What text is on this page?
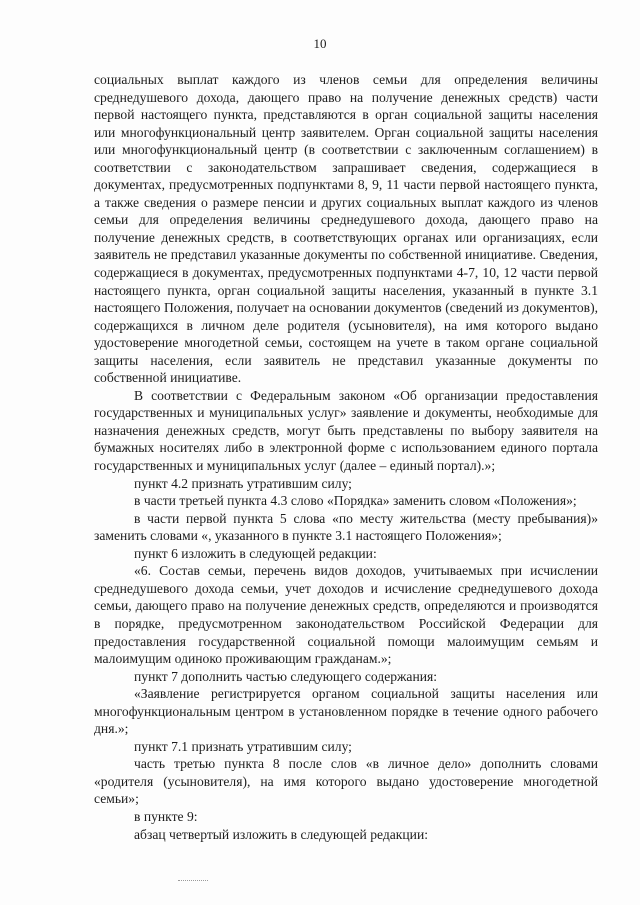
10

социальных выплат каждого из членов семьи для определения величины среднедушевого дохода, дающего право на получение денежных средств) части первой настоящего пункта, представляются в орган социальной защиты населения или многофункциональный центр заявителем. Орган социальной защиты населения или многофункциональный центр (в соответствии с заключенным соглашением) в соответствии с законодательством запрашивает сведения, содержащиеся в документах, предусмотренных подпунктами 8, 9, 11 части первой настоящего пункта, а также сведения о размере пенсии и других социальных выплат каждого из членов семьи для определения величины среднедушевого дохода, дающего право на получение денежных средств, в соответствующих органах или организациях, если заявитель не представил указанные документы по собственной инициативе. Сведения, содержащиеся в документах, предусмотренных подпунктами 4-7, 10, 12 части первой настоящего пункта, орган социальной защиты населения, указанный в пункте 3.1 настоящего Положения, получает на основании документов (сведений из документов), содержащихся в личном деле родителя (усыновителя), на имя которого выдано удостоверение многодетной семьи, состоящем на учете в таком органе социальной защиты населения, если заявитель не представил указанные документы по собственной инициативе.

В соответствии с Федеральным законом «Об организации предоставления государственных и муниципальных услуг» заявление и документы, необходимые для назначения денежных средств, могут быть представлены по выбору заявителя на бумажных носителях либо в электронной форме с использованием единого портала государственных и муниципальных услуг (далее – единый портал).»;

пункт 4.2 признать утратившим силу;

в части третьей пункта 4.3 слово «Порядка» заменить словом «Положения»;

в части первой пункта 5 слова «по месту жительства (месту пребывания)» заменить словами «, указанного в пункте 3.1 настоящего Положения»;

пункт 6 изложить в следующей редакции:

«6. Состав семьи, перечень видов доходов, учитываемых при исчислении среднедушевого дохода семьи, учет доходов и исчисление среднедушевого дохода семьи, дающего право на получение денежных средств, определяются и производятся в порядке, предусмотренном законодательством Российской Федерации для предоставления государственной социальной помощи малоимущим семьям и малоимущим одиноко проживающим гражданам.»;

пункт 7 дополнить частью следующего содержания:

«Заявление регистрируется органом социальной защиты населения или многофункциональным центром в установленном порядке в течение одного рабочего дня.»;

пункт 7.1 признать утратившим силу;

часть третью пункта 8 после слов «в личное дело» дополнить словами «родителя (усыновителя), на имя которого выдано удостоверение многодетной семьи»;

в пункте 9:

абзац четвертый изложить в следующей редакции:
